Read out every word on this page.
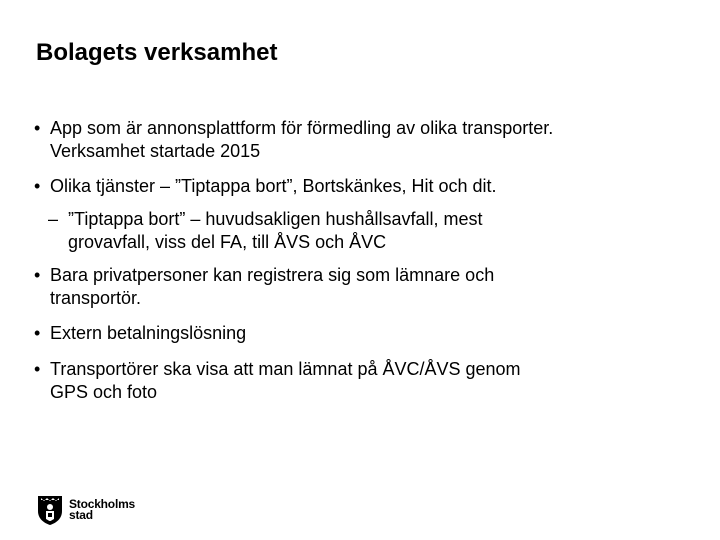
Bolagets verksamhet
• App som är annonsplattform för förmedling av olika transporter.
Verksamhet startade 2015
• Olika tjänster – ”Tiptappa bort”, Bortskänkes, Hit och dit.
– ”Tiptappa bort” – huvudsakligen hushållsavfall, mest
grovavfall, viss del FA, till ÅVS och ÅVC
• Bara privatpersoner kan registrera sig som lämnare och
transportör.
• Extern betalningslösning
• Transportörer ska visa att man lämnat på ÅVC/ÅVS genom
GPS och foto
Stockholms
stad
